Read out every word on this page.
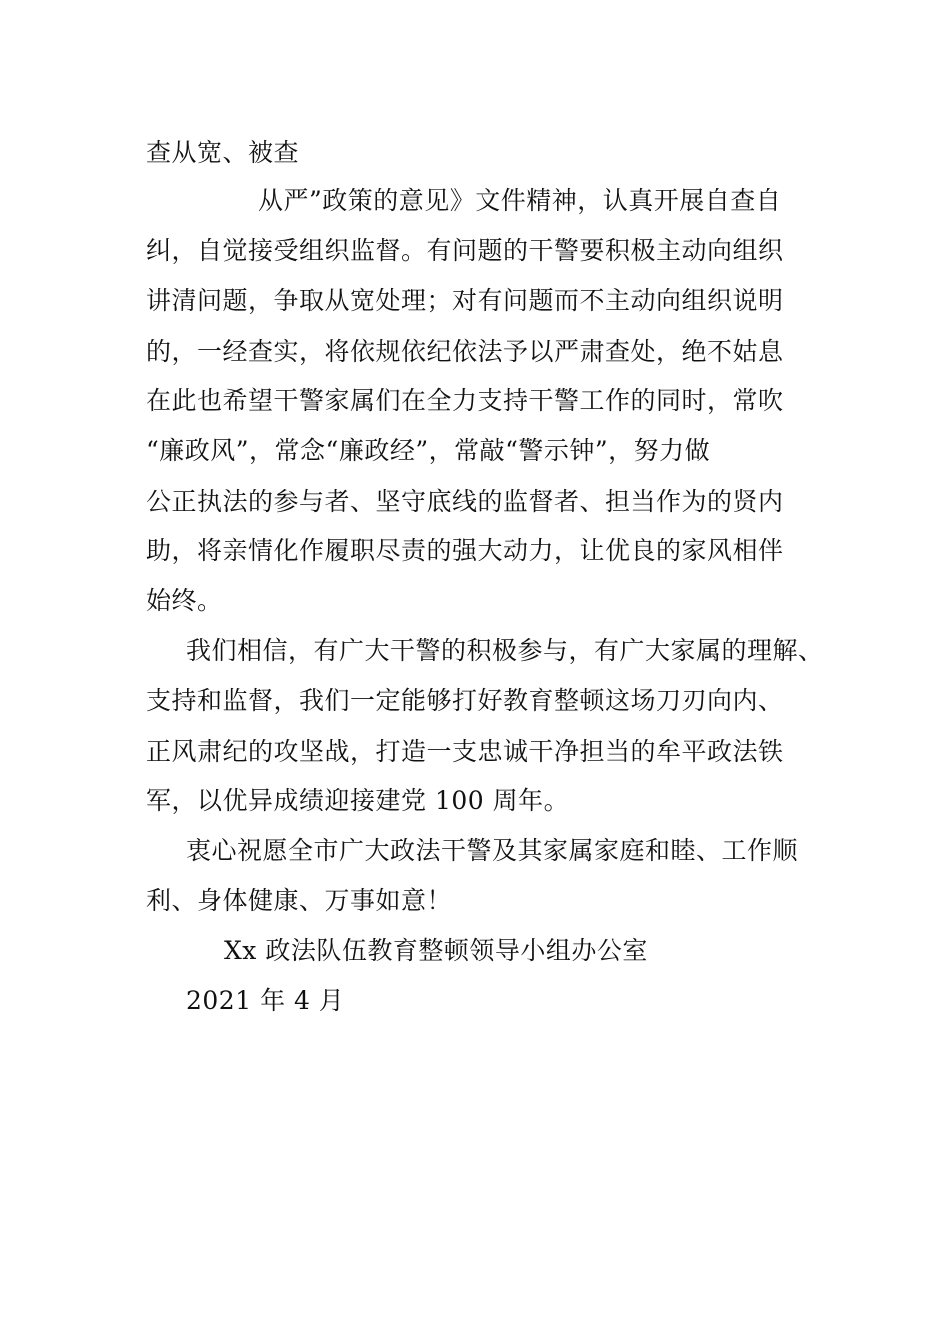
查从宽、被查
从严”政策的意见》文件精神，认真开展自查自
纠，自觉接受组织监督。有问题的干警要积极主动向组织
讲清问题，争取从宽处理；对有问题而不主动向组织说明
的，一经查实，将依规依纪依法予以严肃查处，绝不姑息
在此也希望干警家属们在全力支持干警工作的同时，常吹
“廉政风”，常念“廉政经”，常敲“警示钟”，努力做
公正执法的参与者、坚守底线的监督者、担当作为的贤内
助，将亲情化作履职尽责的强大动力，让优良的家风相伴
始终。
我们相信，有广大干警的积极参与，有广大家属的理解、
支持和监督，我们一定能够打好教育整顿这场刀刃向内、
正风肃纪的攻坚战，打造一支忠诚干净担当的牟平政法铁
军，以优异成绩迎接建党 100 周年。
衷心祝愿全市广大政法干警及其家属家庭和睦、工作顺
利、身体健康、万事如意！
Xx 政法队伍教育整顿领导小组办公室
2021 年 4 月
